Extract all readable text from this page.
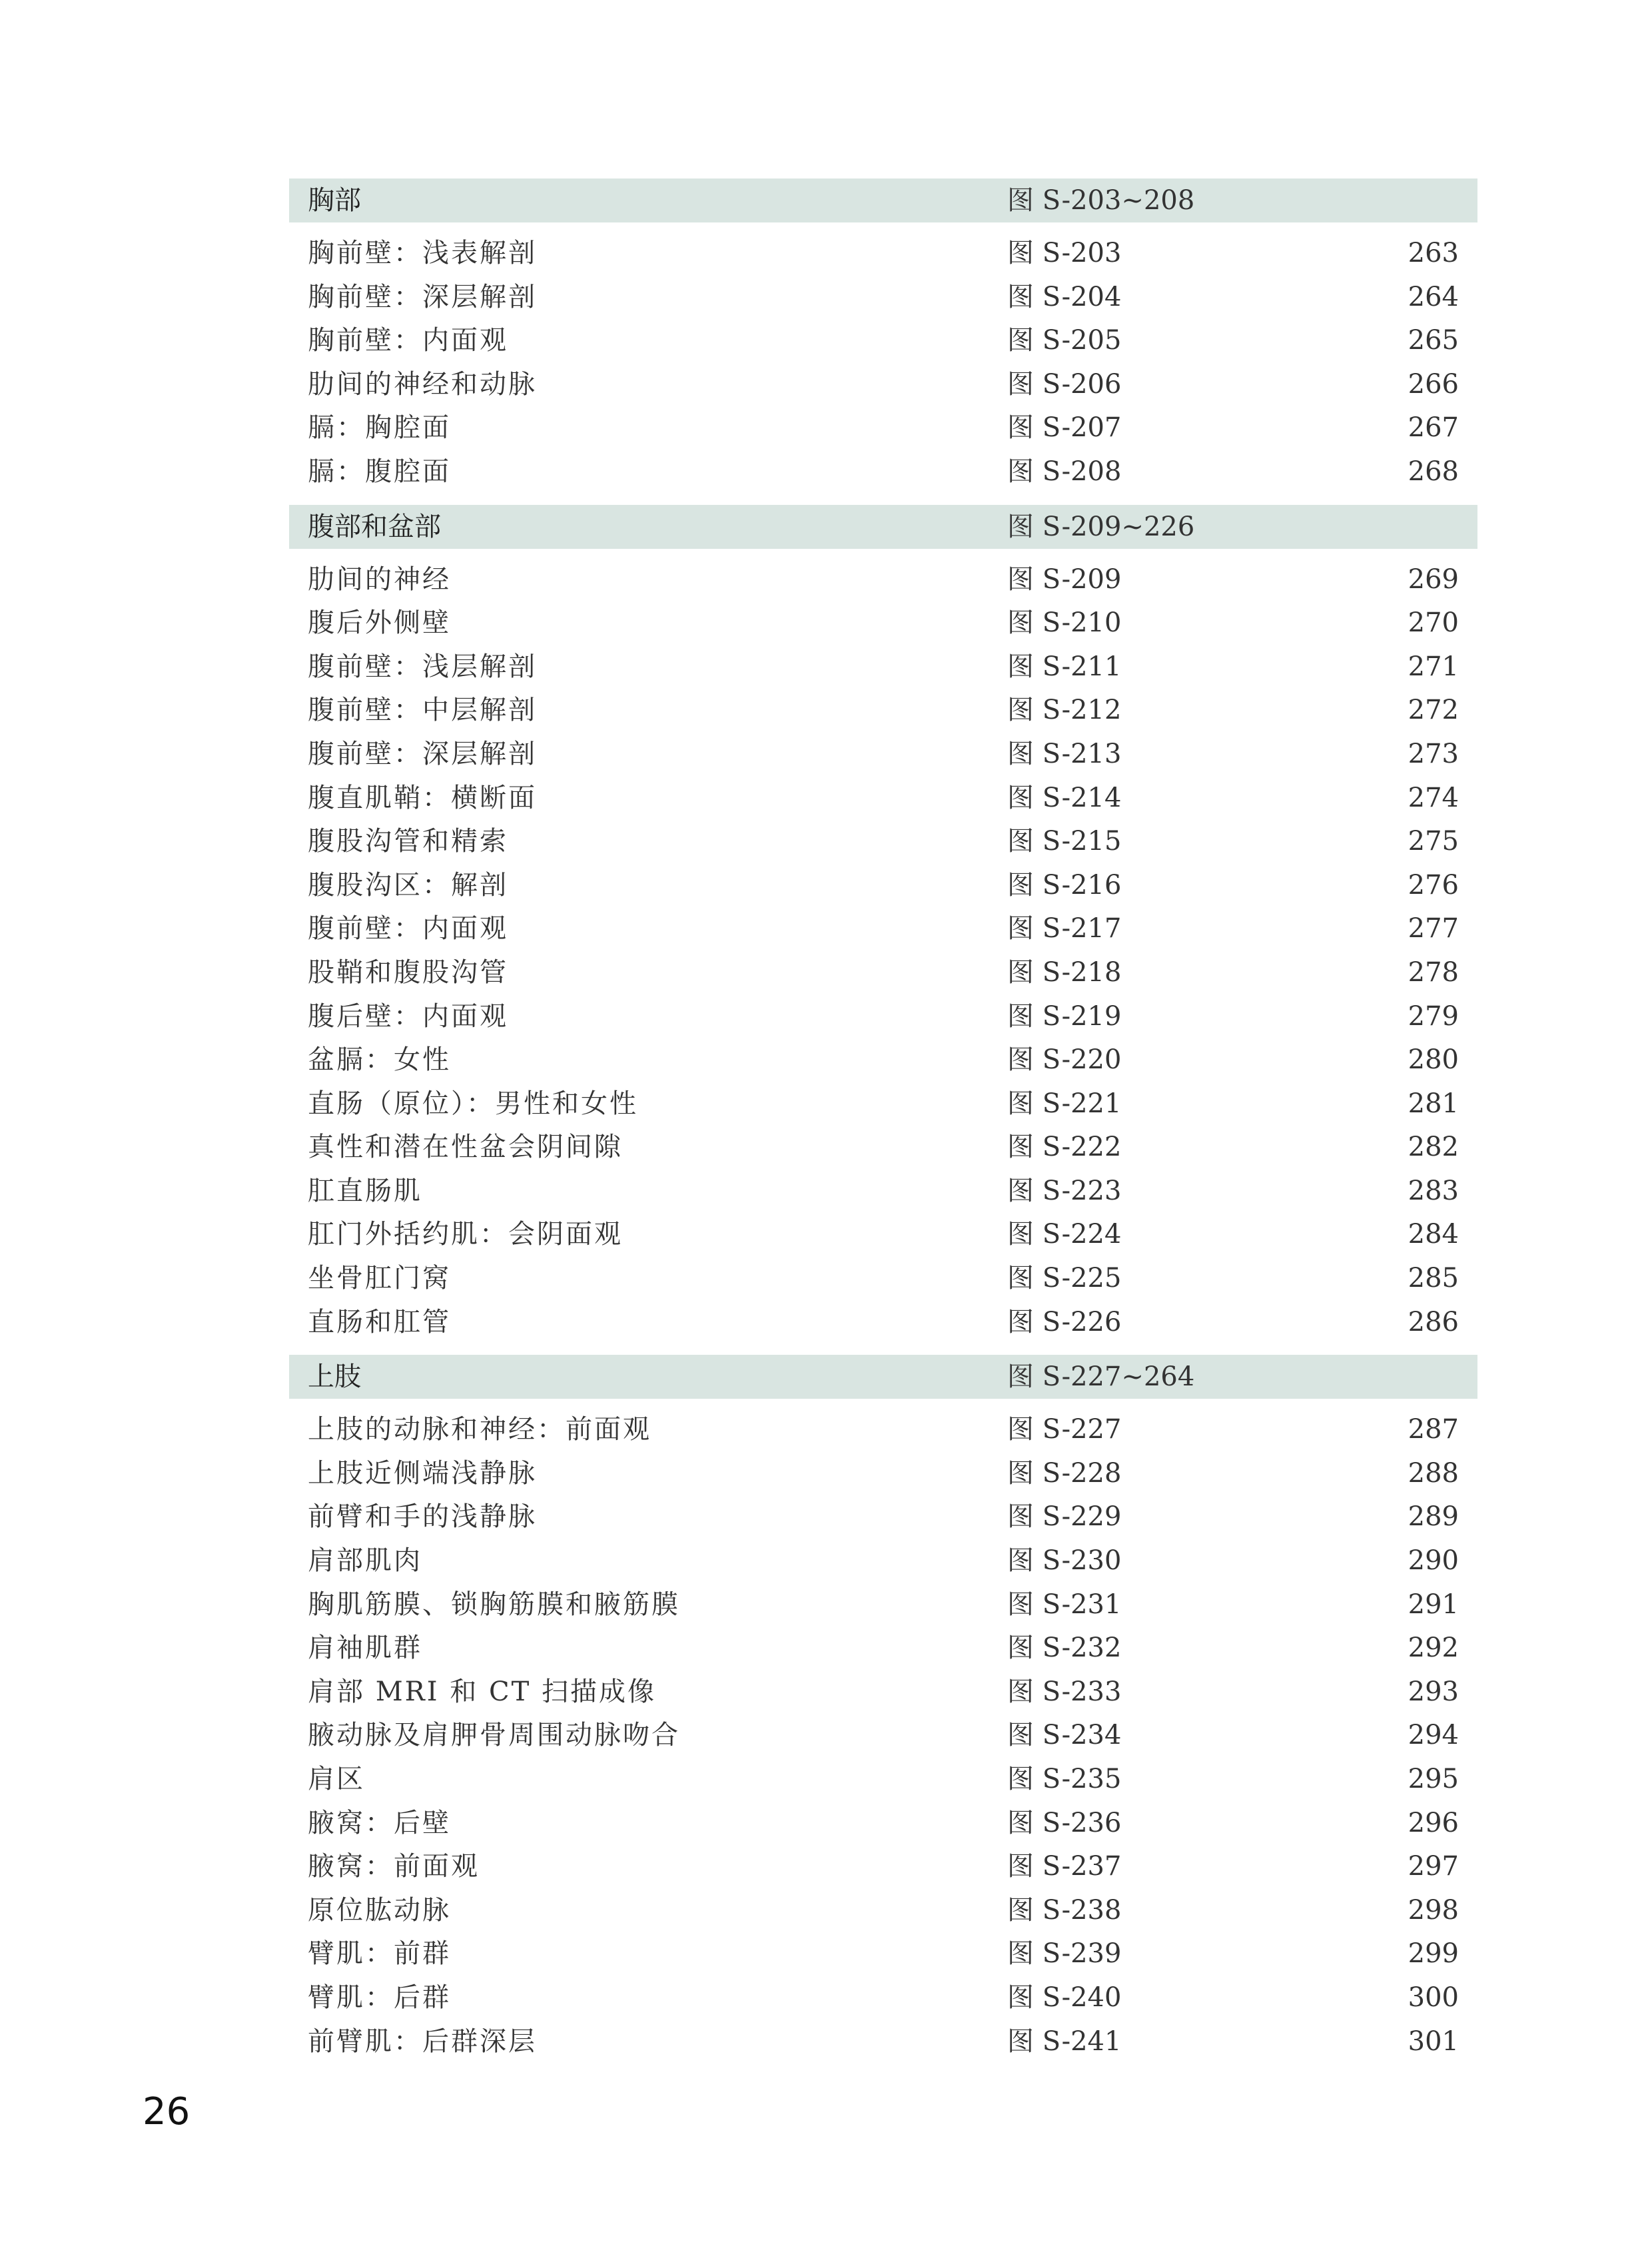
胸部	图 S-203~208
胸前壁：浅表解剖	图 S-203	263
胸前壁：深层解剖	图 S-204	264
胸前壁：内面观	图 S-205	265
肋间的神经和动脉	图 S-206	266
膈：胸腔面	图 S-207	267
膈：腹腔面	图 S-208	268
腹部和盆部	图 S-209~226
肋间的神经	图 S-209	269
腹后外侧壁	图 S-210	270
腹前壁：浅层解剖	图 S-211	271
腹前壁：中层解剖	图 S-212	272
腹前壁：深层解剖	图 S-213	273
腹直肌鞘：横断面	图 S-214	274
腹股沟管和精索	图 S-215	275
腹股沟区：解剖	图 S-216	276
腹前壁：内面观	图 S-217	277
股鞘和腹股沟管	图 S-218	278
腹后壁：内面观	图 S-219	279
盆膈：女性	图 S-220	280
直肠（原位）：男性和女性	图 S-221	281
真性和潜在性盆会阴间隙	图 S-222	282
肛直肠肌	图 S-223	283
肛门外括约肌：会阴面观	图 S-224	284
坐骨肛门窝	图 S-225	285
直肠和肛管	图 S-226	286
上肢	图 S-227~264
上肢的动脉和神经：前面观	图 S-227	287
上肢近侧端浅静脉	图 S-228	288
前臂和手的浅静脉	图 S-229	289
肩部肌肉	图 S-230	290
胸肌筋膜、锁胸筋膜和腋筋膜	图 S-231	291
肩袖肌群	图 S-232	292
肩部 MRI 和 CT 扫描成像	图 S-233	293
腋动脉及肩胛骨周围动脉吻合	图 S-234	294
肩区	图 S-235	295
腋窝：后壁	图 S-236	296
腋窝：前面观	图 S-237	297
原位肱动脉	图 S-238	298
臂肌：前群	图 S-239	299
臂肌：后群	图 S-240	300
前臂肌：后群深层	图 S-241	301
26
